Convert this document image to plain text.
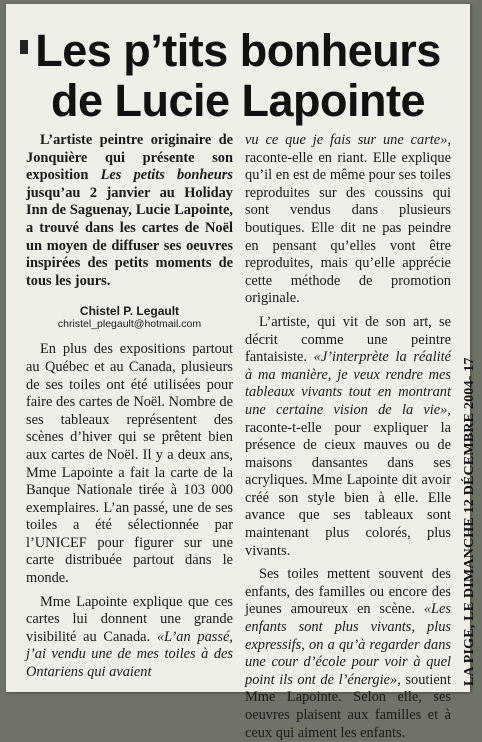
Les p’tits bonheurs
de Lucie Lapointe

L’artiste peintre originaire de Jonquière qui présente son exposition Les petits bonheurs jusqu’au 2 janvier au Holiday Inn de Saguenay, Lucie Lapointe, a trouvé dans les cartes de Noël un moyen de diffuser ses oeuvres inspirées des petits moments de tous les jours.

Chistel P. Legault
christel_plegault@hotmail.com

En plus des expositions partout au Québec et au Canada, plusieurs de ses toiles ont été utilisées pour faire des cartes de Noël. Nombre de ses tableaux représentent des scènes d’hiver qui se prêtent bien aux cartes de Noël. Il y a deux ans, Mme Lapointe a fait la carte de la Banque Nationale tirée à 103 000 exemplaires. L’an passé, une de ses toiles a été sélectionnée par l’UNICEF pour figurer sur une carte distribuée partout dans le monde.

Mme Lapointe explique que ces cartes lui donnent une grande visibilité au Canada. «L’an passé, j’ai vendu une de mes toiles à des Ontariens qui avaient

vu ce que je fais sur une carte», raconte-elle en riant. Elle explique qu’il en est de même pour ses toiles reproduites sur des coussins qui sont vendus dans plusieurs boutiques. Elle dit ne pas peindre en pensant qu’elles vont être reproduites, mais qu’elle apprécie cette méthode de promotion originale.

L’artiste, qui vit de son art, se décrit comme une peintre fantaisiste. «J’interprète la réalité à ma manière, je veux rendre mes tableaux vivants tout en montrant une certaine vision de la vie», raconte-t-elle pour expliquer la présence de cieux mauves ou de maisons dansantes dans ses acryliques. Mme Lapointe dit avoir créé son style bien à elle. Elle avance que ses tableaux sont maintenant plus colorés, plus vivants.

Ses toiles mettent souvent des enfants, des familles ou encore des jeunes amoureux en scène. «Les enfants sont plus vivants, plus expressifs, on a qu’à regarder dans une cour d’école pour voir à quel point ils ont de l’énergie», soutient Mme Lapointe. Selon elle, ses oeuvres plaisent aux familles et à ceux qui aiment les enfants.

LA PIGE, LE DIMANCHE 12 DÉCEMBRE 2004- 17
